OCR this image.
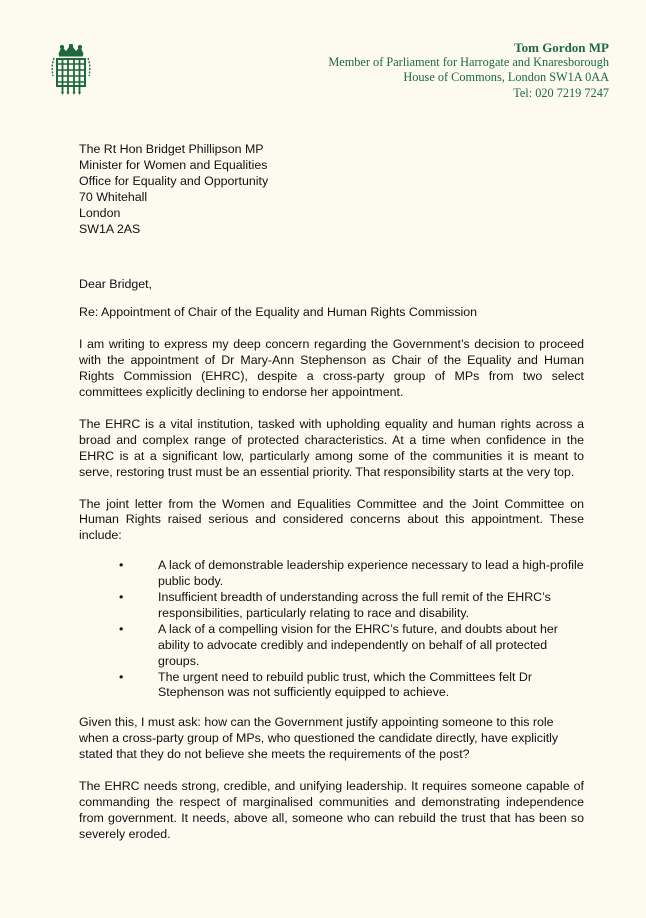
Tom Gordon MP
Member of Parliament for Harrogate and Knaresborough
House of Commons, London SW1A 0AA
Tel: 020 7219 7247
The Rt Hon Bridget Phillipson MP
Minister for Women and Equalities
Office for Equality and Opportunity
70 Whitehall
London
SW1A 2AS
Dear Bridget,
Re: Appointment of Chair of the Equality and Human Rights Commission
I am writing to express my deep concern regarding the Government’s decision to proceed with the appointment of Dr Mary-Ann Stephenson as Chair of the Equality and Human Rights Commission (EHRC), despite a cross-party group of MPs from two select committees explicitly declining to endorse her appointment.
The EHRC is a vital institution, tasked with upholding equality and human rights across a broad and complex range of protected characteristics. At a time when confidence in the EHRC is at a significant low, particularly among some of the communities it is meant to serve, restoring trust must be an essential priority. That responsibility starts at the very top.
The joint letter from the Women and Equalities Committee and the Joint Committee on Human Rights raised serious and considered concerns about this appointment. These include:
•	A lack of demonstrable leadership experience necessary to lead a high-profile public body.
•	Insufficient breadth of understanding across the full remit of the EHRC’s responsibilities, particularly relating to race and disability.
•	A lack of a compelling vision for the EHRC’s future, and doubts about her ability to advocate credibly and independently on behalf of all protected groups.
•	The urgent need to rebuild public trust, which the Committees felt Dr Stephenson was not sufficiently equipped to achieve.
Given this, I must ask: how can the Government justify appointing someone to this role when a cross-party group of MPs, who questioned the candidate directly, have explicitly stated that they do not believe she meets the requirements of the post?
The EHRC needs strong, credible, and unifying leadership. It requires someone capable of commanding the respect of marginalised communities and demonstrating independence from government. It needs, above all, someone who can rebuild the trust that has been so severely eroded.
